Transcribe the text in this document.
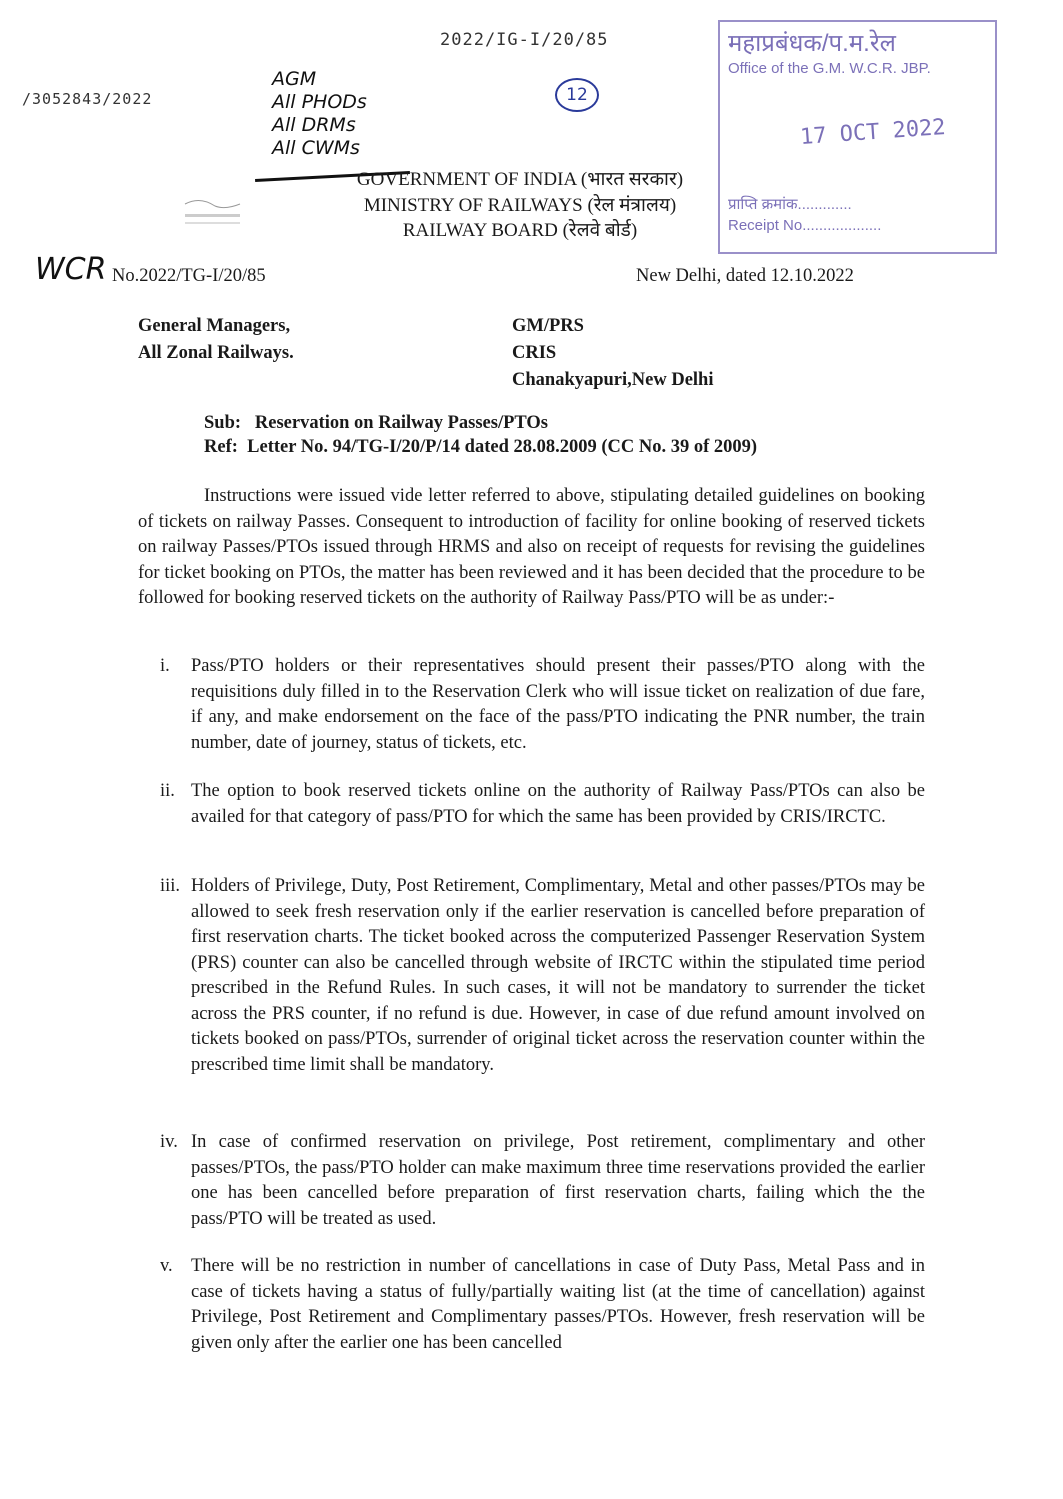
2022/IG-I/20/85
/3052843/2022
AGM
All PHODs
All DRMs
All CWMs
12
WCR
महाप्रबंधक/प.म.रेल
Office of the G.M. W.C.R. JBP.
17 OCT 2022
प्राप्ति क्रमांक.............
Receipt No...................
GOVERNMENT OF INDIA (भारत सरकार)
MINISTRY OF RAILWAYS (रेल मंत्रालय)
RAILWAY BOARD (रेलवे बोर्ड)
No.2022/TG-I/20/85	New Delhi, dated 12.10.2022
General Managers,
All Zonal Railways.
GM/PRS
CRIS
Chanakyapuri,New Delhi
Sub:   Reservation on Railway Passes/PTOs
Ref:  Letter No. 94/TG-I/20/P/14 dated 28.08.2009 (CC No. 39 of 2009)
Instructions were issued vide letter referred to above, stipulating detailed guidelines on booking of tickets on railway Passes. Consequent to introduction of facility for online booking of reserved tickets on railway Passes/PTOs issued through HRMS and also on receipt of requests for revising the guidelines for ticket booking on PTOs, the matter has been reviewed and it has been decided that the procedure to be followed for booking reserved tickets on the authority of Railway Pass/PTO will be as under:-
i.	Pass/PTO holders or their representatives should present their passes/PTO along with the requisitions duly filled in to the Reservation Clerk who will issue ticket on realization of due fare, if any, and make endorsement on the face of the pass/PTO indicating the PNR number, the train number, date of journey, status of tickets, etc.
ii. The option to book reserved tickets online on the authority of Railway Pass/PTOs can also be availed for that category of pass/PTO for which the same has been provided by CRIS/IRCTC.
iii. Holders of Privilege, Duty, Post Retirement, Complimentary, Metal and other passes/PTOs may be allowed to seek fresh reservation only if the earlier reservation is cancelled before preparation of first reservation charts. The ticket booked across the computerized Passenger Reservation System (PRS) counter can also be cancelled through website of IRCTC within the stipulated time period prescribed in the Refund Rules. In such cases, it will not be mandatory to surrender the ticket across the PRS counter, if no refund is due. However, in case of due refund amount involved on tickets booked on pass/PTOs, surrender of original ticket across the reservation counter within the prescribed time limit shall be mandatory.
iv. In case of confirmed reservation on privilege, Post retirement, complimentary and other passes/PTOs, the pass/PTO holder can make maximum three time reservations provided the earlier one has been cancelled before preparation of first reservation charts, failing which the the pass/PTO will be treated as used.
v. There will be no restriction in number of cancellations in case of Duty Pass, Metal Pass and in case of tickets having a status of fully/partially waiting list (at the time of cancellation) against Privilege, Post Retirement and Complimentary passes/PTOs. However, fresh reservation will be given only after the earlier one has been cancelled
